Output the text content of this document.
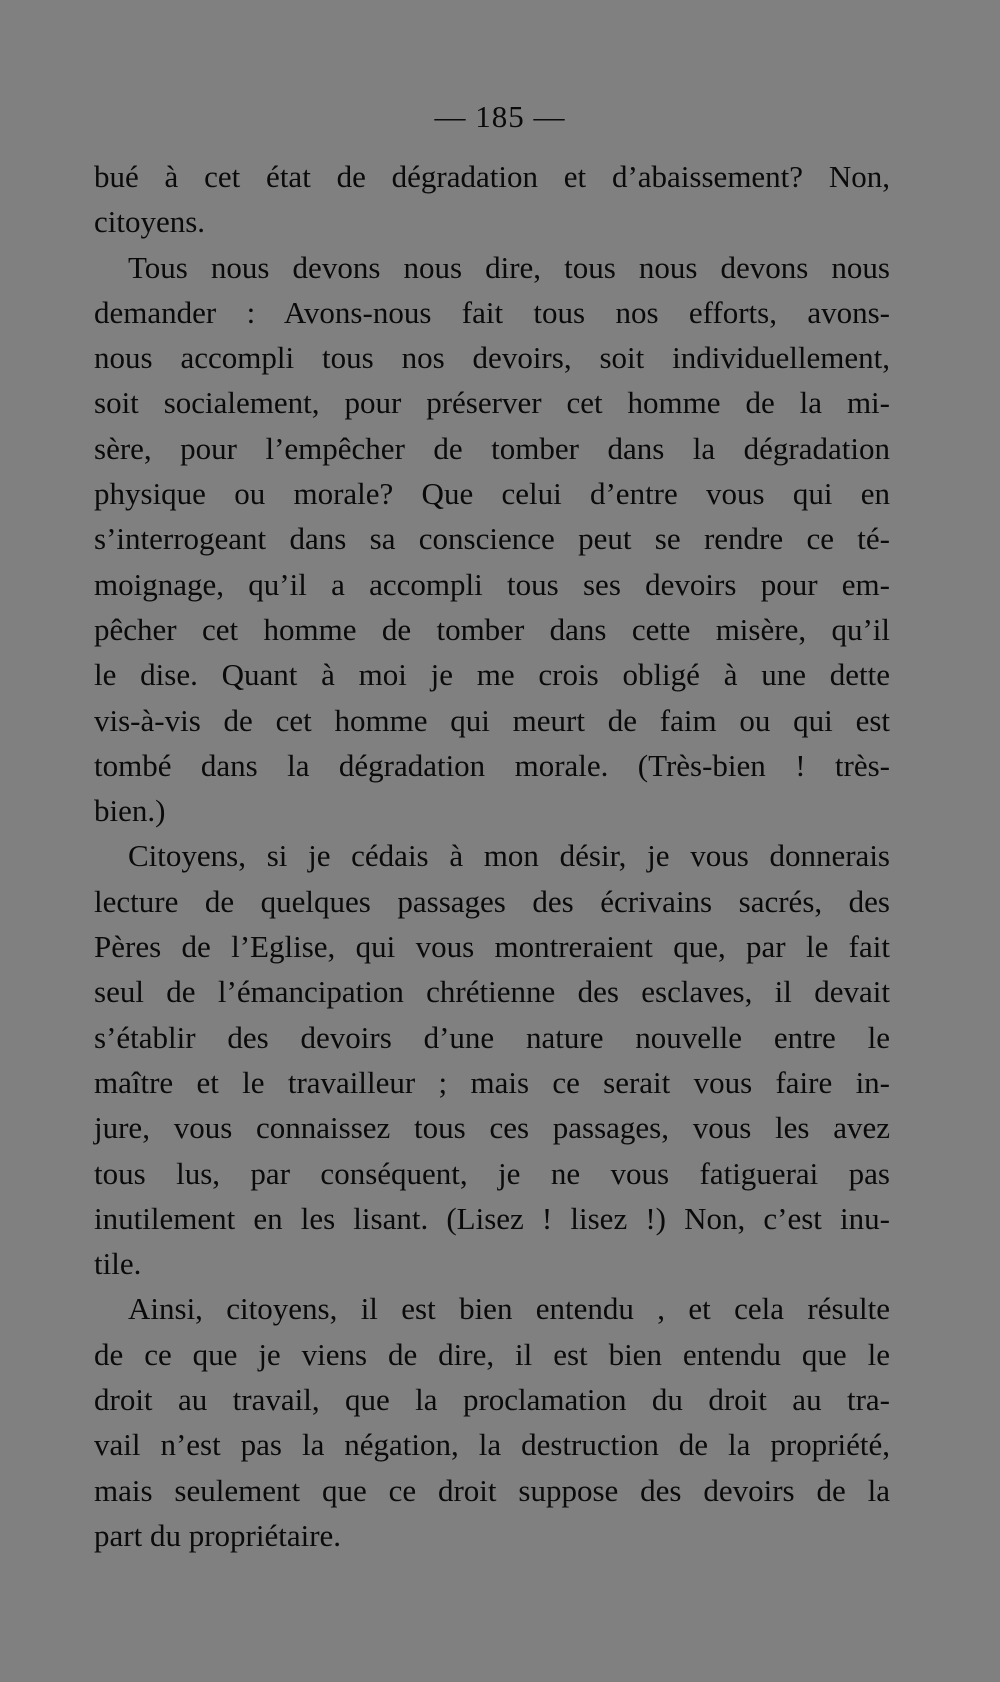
— 185 —
bué à cet état de dégradation et d’abaissement? Non,
citoyens.
Tous nous devons nous dire, tous nous devons nous
demander : Avons-nous fait tous nos efforts, avons-
nous accompli tous nos devoirs, soit individuellement,
soit socialement, pour préserver cet homme de la mi-
sère, pour l’empêcher de tomber dans la dégradation
physique ou morale? Que celui d’entre vous qui en
s’interrogeant dans sa conscience peut se rendre ce té-
moignage, qu’il a accompli tous ses devoirs pour em-
pêcher cet homme de tomber dans cette misère, qu’il
le dise. Quant à moi je me crois obligé à une dette
vis-à-vis de cet homme qui meurt de faim ou qui est
tombé dans la dégradation morale. (Très-bien ! très-
bien.)
Citoyens, si je cédais à mon désir, je vous donnerais
lecture de quelques passages des écrivains sacrés, des
Pères de l’Eglise, qui vous montreraient que, par le fait
seul de l’émancipation chrétienne des esclaves, il devait
s’établir des devoirs d’une nature nouvelle entre le
maître et le travailleur ; mais ce serait vous faire in-
jure, vous connaissez tous ces passages, vous les avez
tous lus, par conséquent, je ne vous fatiguerai pas
inutilement en les lisant. (Lisez ! lisez !) Non, c’est inu-
tile.
Ainsi, citoyens, il est bien entendu , et cela résulte
de ce que je viens de dire, il est bien entendu que le
droit au travail, que la proclamation du droit au tra-
vail n’est pas la négation, la destruction de la propriété,
mais seulement que ce droit suppose des devoirs de la
part du propriétaire.
